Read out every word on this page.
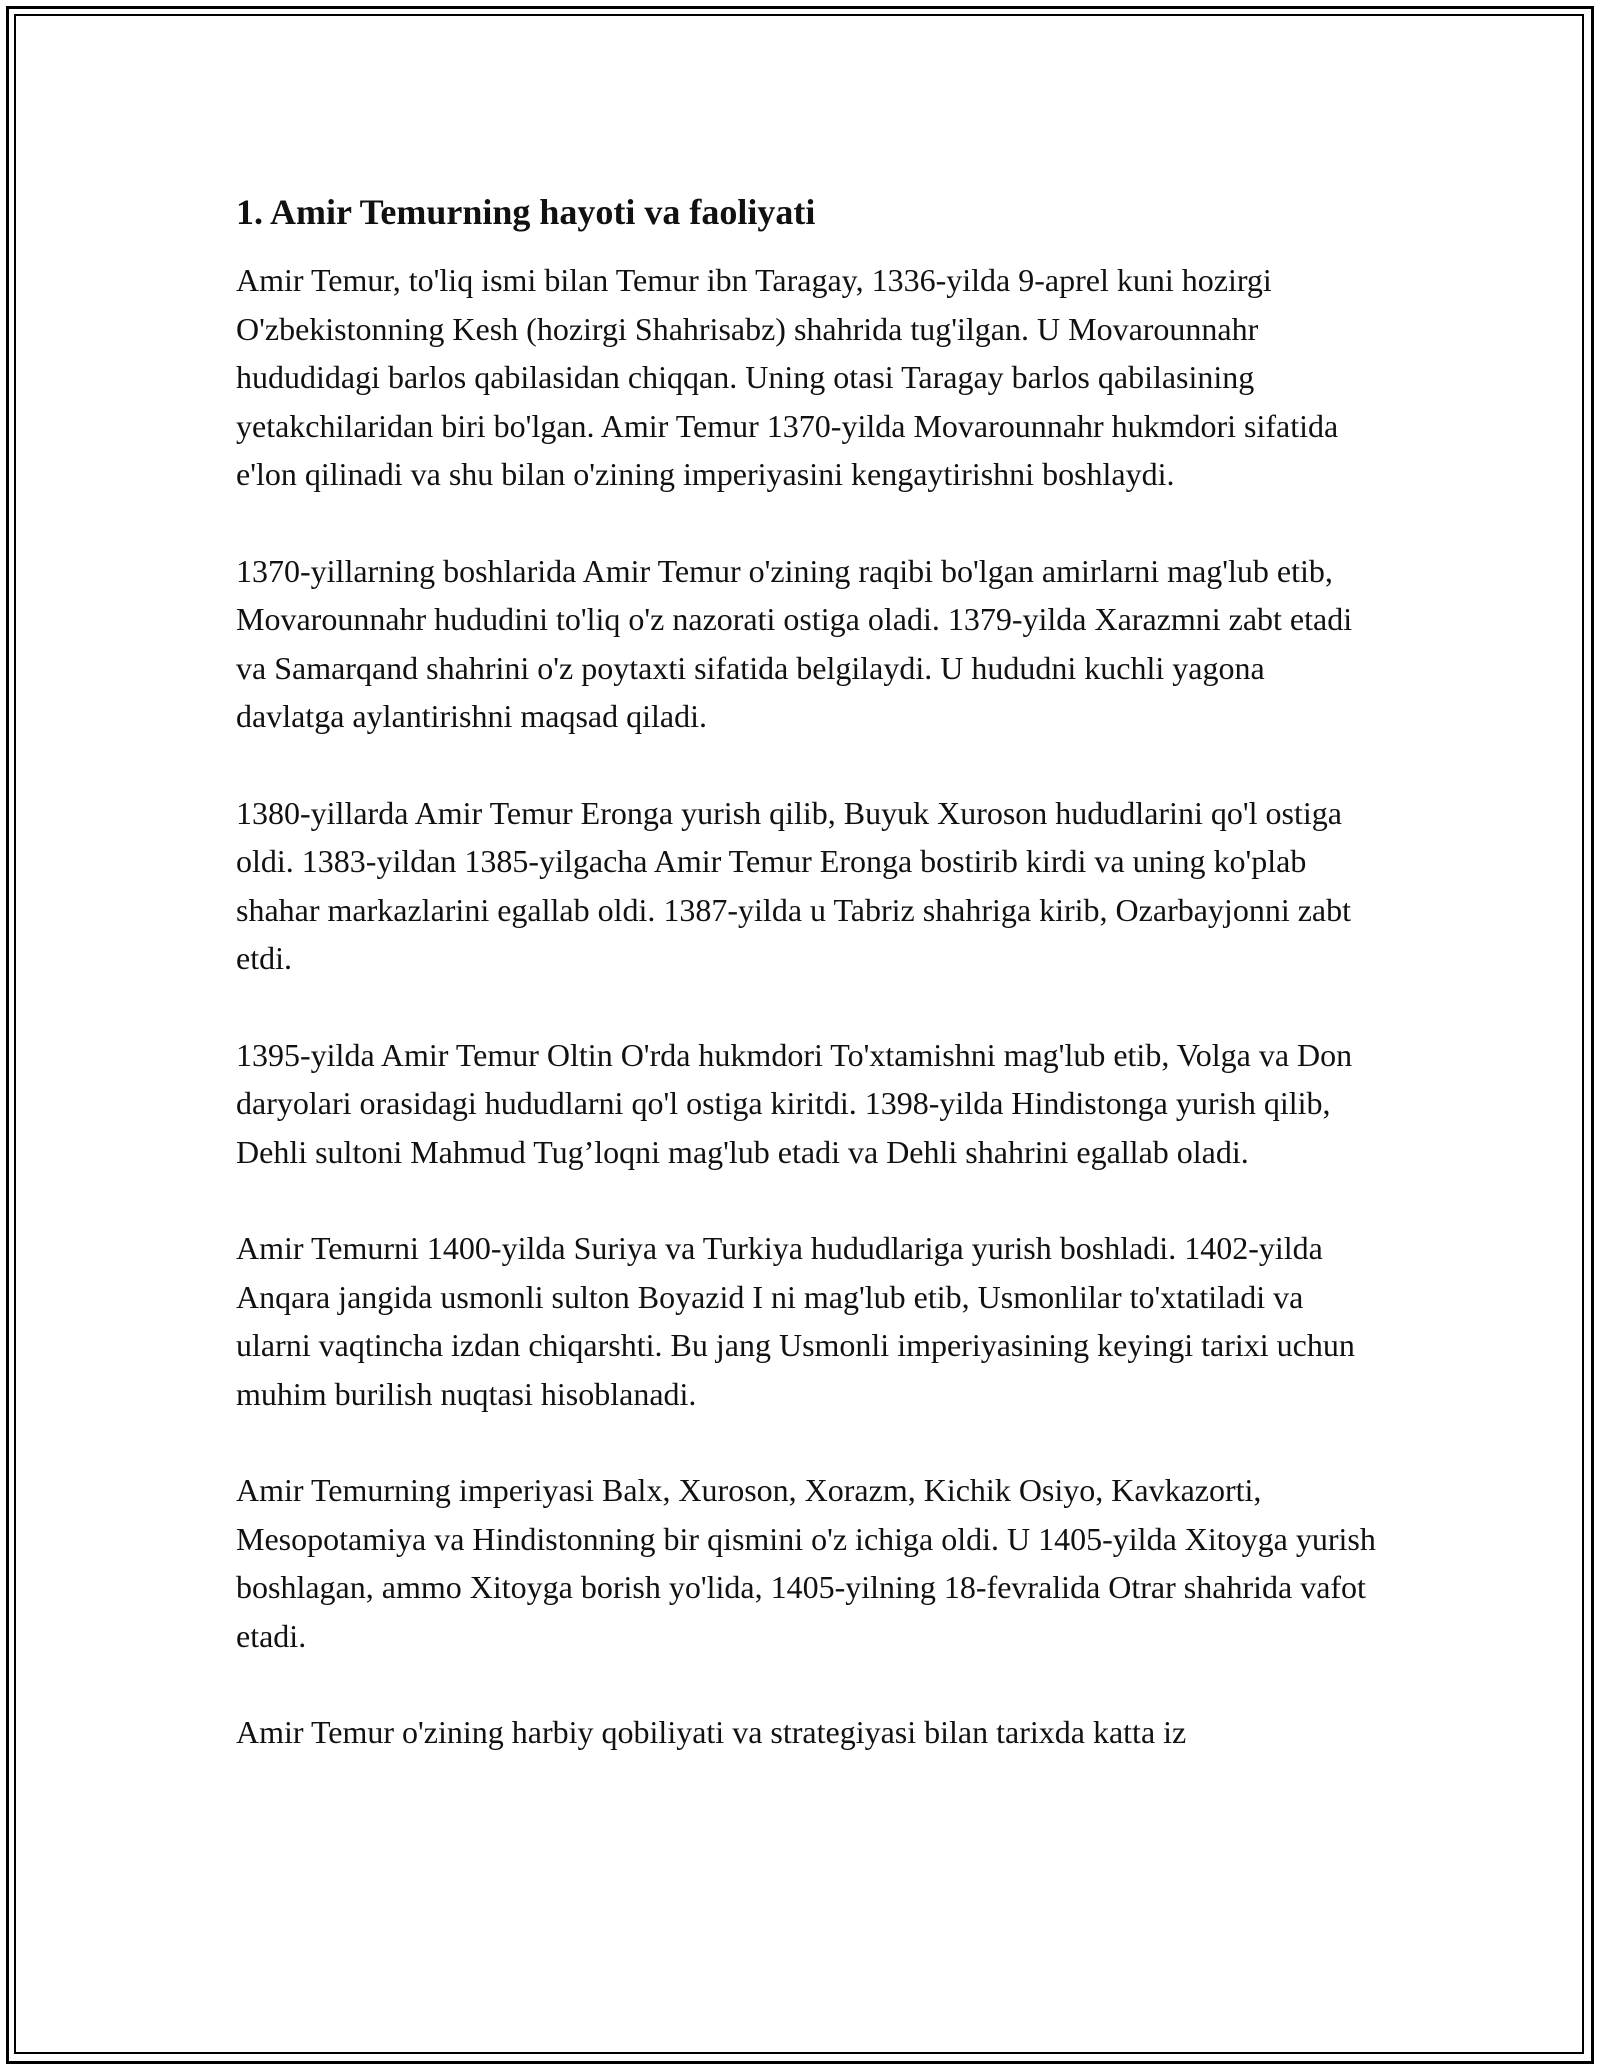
1. Amir Temurning hayoti va faoliyati

Amir Temur, to'liq ismi bilan Temur ibn Taragay, 1336-yilda 9-aprel kuni hozirgi O'zbekistonning Kesh (hozirgi Shahrisabz) shahrida tug'ilgan. U Movarounnahr hududidagi barlos qabilasidan chiqqan. Uning otasi Taragay barlos qabilasining yetakchilaridan biri bo'lgan. Amir Temur 1370-yilda Movarounnahr hukmdori sifatida e'lon qilinadi va shu bilan o'zining imperiyasini kengaytirishni boshlaydi.

1370-yillarning boshlarida Amir Temur o'zining raqibi bo'lgan amirlarni mag'lub etib, Movarounnahr hududini to'liq o'z nazorati ostiga oladi. 1379-yilda Xarazmni zabt etadi va Samarqand shahrini o'z poytaxti sifatida belgilaydi. U hududni kuchli yagona davlatga aylantirishni maqsad qiladi.

1380-yillarda Amir Temur Eronga yurish qilib, Buyuk Xuroson hududlarini qo'l ostiga oldi. 1383-yildan 1385-yilgacha Amir Temur Eronga bostirib kirdi va uning ko'plab shahar markazlarini egallab oldi. 1387-yilda u Tabriz shahriga kirib, Ozarbayjonni zabt etdi.

1395-yilda Amir Temur Oltin O'rda hukmdori To'xtamishni mag'lub etib, Volga va Don daryolari orasidagi hududlarni qo'l ostiga kiritdi. 1398-yilda Hindistonga yurish qilib, Dehli sultoni Mahmud Tug’loqni mag'lub etadi va Dehli shahrini egallab oladi.

Amir Temurni 1400-yilda Suriya va Turkiya hududlariga yurish boshladi. 1402-yilda Anqara jangida usmonli sulton Boyazid I ni mag'lub etib, Usmonlilar to'xtatiladi va ularni vaqtincha izdan chiqarshti. Bu jang Usmonli imperiyasining keyingi tarixi uchun muhim burilish nuqtasi hisoblanadi.

Amir Temurning imperiyasi Balx, Xuroson, Xorazm, Kichik Osiyo, Kavkazorti, Mesopotamiya va Hindistonning bir qismini o'z ichiga oldi. U 1405-yilda Xitoyga yurish boshlagan, ammo Xitoyga borish yo'lida, 1405-yilning 18-fevralida Otrar shahrida vafot etadi.

Amir Temur o'zining harbiy qobiliyati va strategiyasi bilan tarixda katta iz
